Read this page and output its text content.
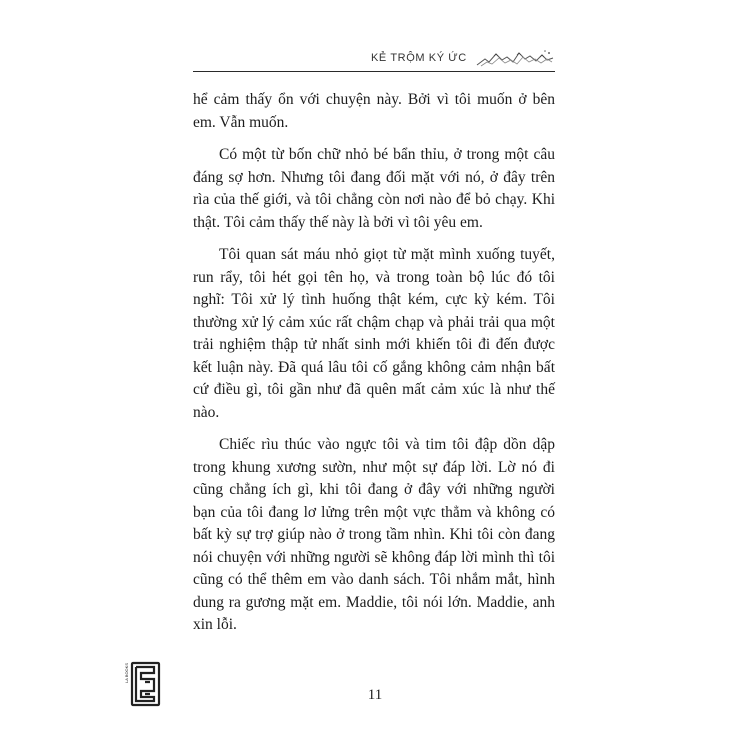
KẺ TRỘM KÝ ỨC

hể cảm thấy ổn với chuyện này. Bởi vì tôi muốn ở bên em. Vẫn muốn.

Có một từ bốn chữ nhỏ bé bẩn thỉu, ở trong một câu đáng sợ hơn. Nhưng tôi đang đối mặt với nó, ở đây trên rìa của thế giới, và tôi chẳng còn nơi nào để bỏ chạy. Khi thật. Tôi cảm thấy thế này là bởi vì tôi yêu em.

Tôi quan sát máu nhỏ giọt từ mặt mình xuống tuyết, run rẩy, tôi hét gọi tên họ, và trong toàn bộ lúc đó tôi nghĩ: Tôi xử lý tình huống thật kém, cực kỳ kém. Tôi thường xử lý cảm xúc rất chậm chạp và phải trải qua một trải nghiệm thập tử nhất sinh mới khiến tôi đi đến được kết luận này. Đã quá lâu tôi cố gắng không cảm nhận bất cứ điều gì, tôi gần như đã quên mất cảm xúc là như thế nào.

Chiếc rìu thúc vào ngực tôi và tim tôi đập dồn dập trong khung xương sườn, như một sự đáp lời. Lờ nó đi cũng chẳng ích gì, khi tôi đang ở đây với những người bạn của tôi đang lơ lửng trên một vực thẳm và không có bất kỳ sự trợ giúp nào ở trong tầm nhìn. Khi tôi còn đang nói chuyện với những người sẽ không đáp lời mình thì tôi cũng có thể thêm em vào danh sách. Tôi nhắm mắt, hình dung ra gương mặt em. Maddie, tôi nói lớn. Maddie, anh xin lỗi.

LA BOOKS
11
